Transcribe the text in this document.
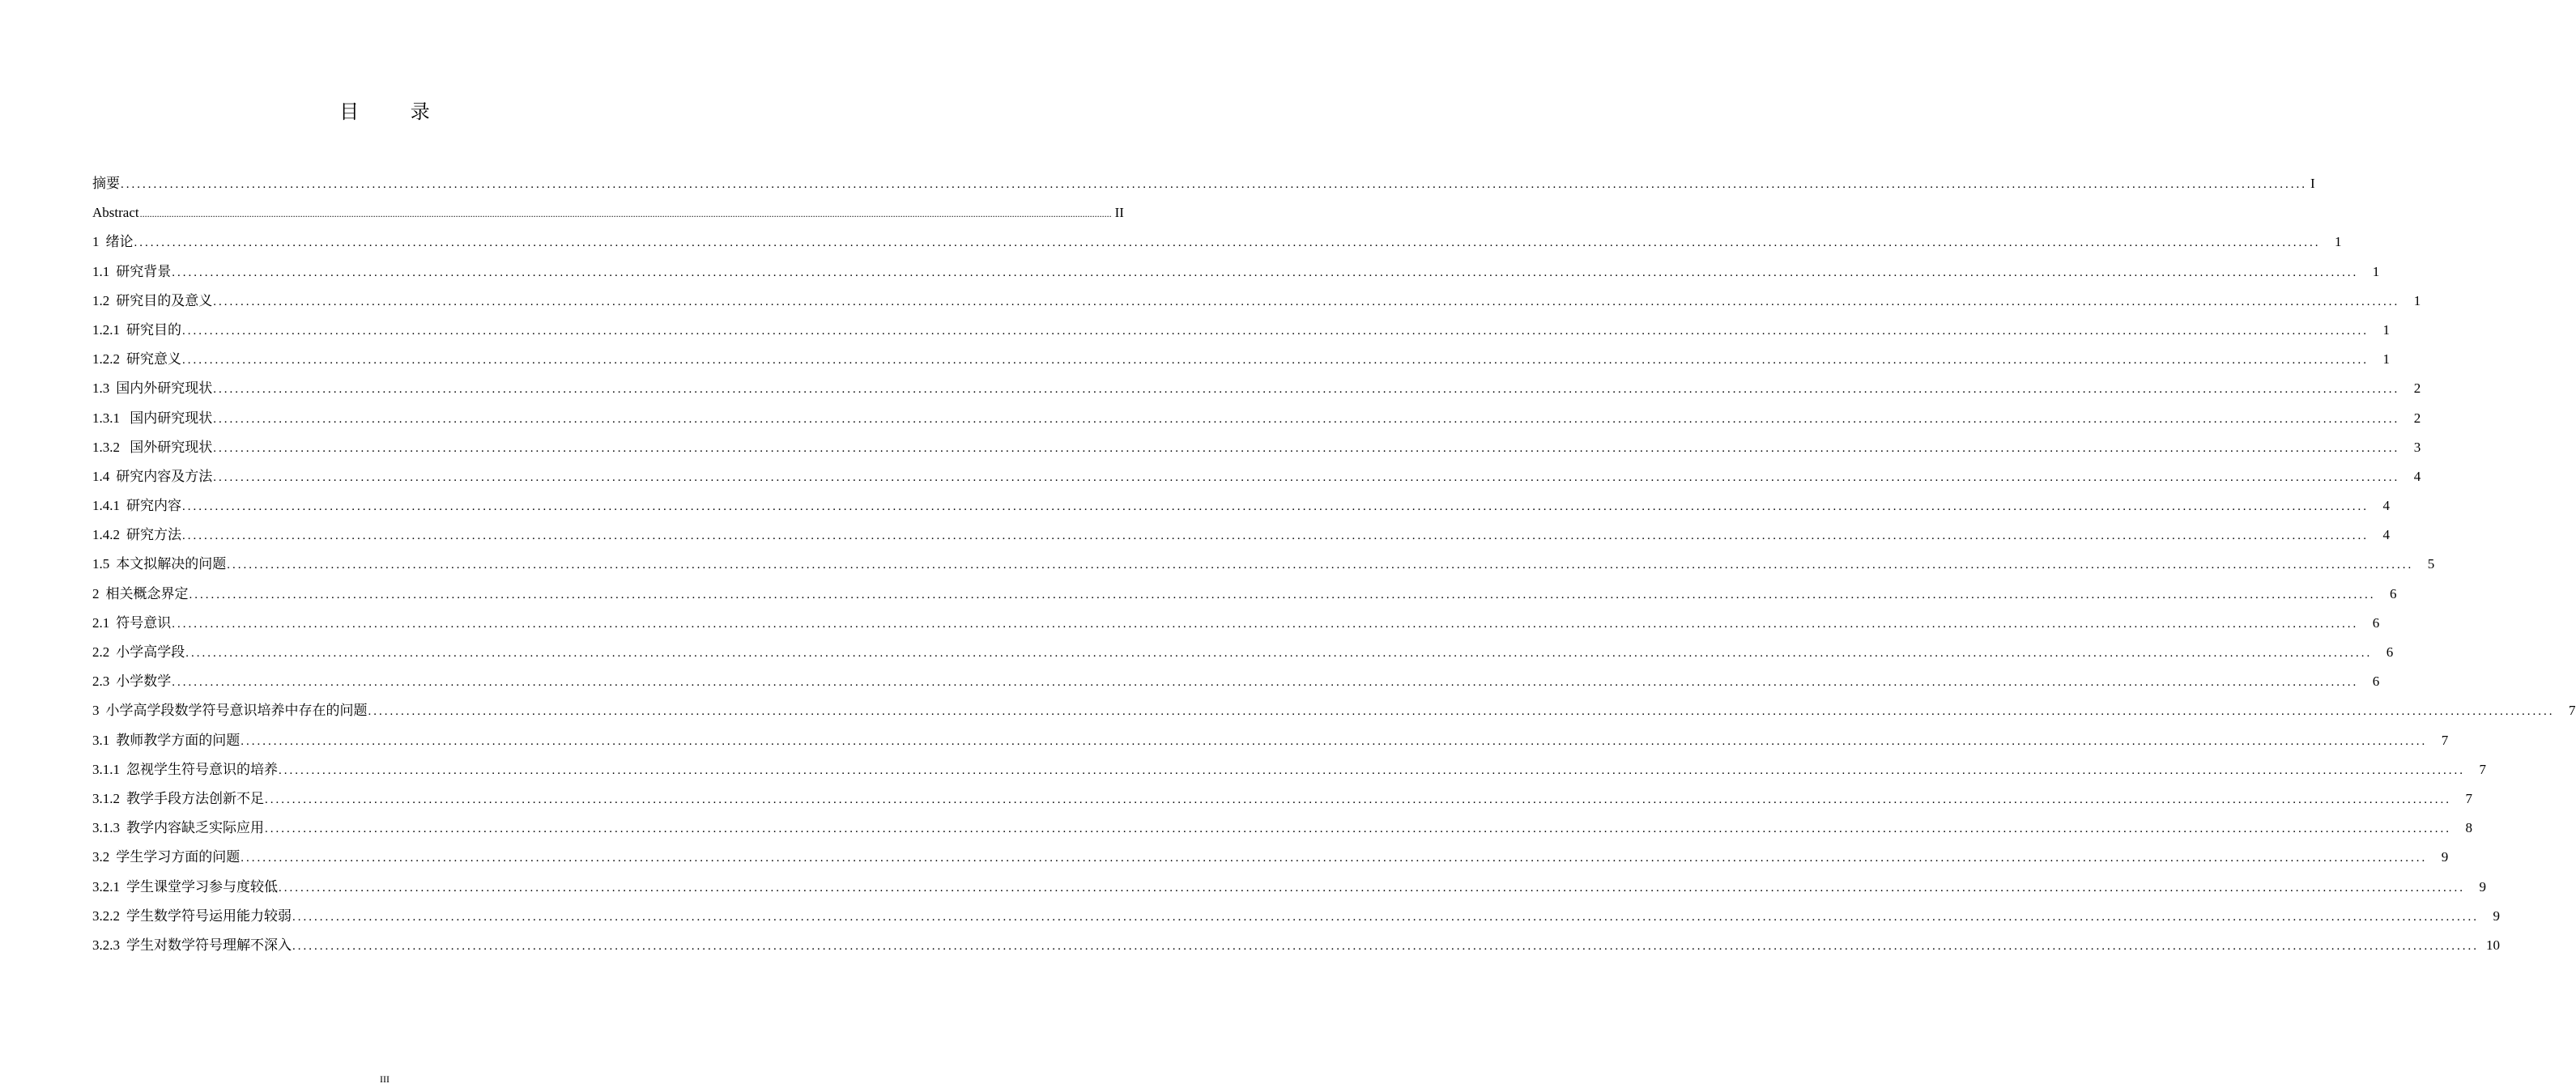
目 录
摘要 ................................................................................................................................................................................................................................................................................................................................................................................................................ I
Abstract ................................................................................................................................................................................................................................................................................................................................................................................................................ II
1 绪论 ................................................................................................................................................................................................................................................................................................................................................................................................................	1
1.1 研究背景 ................................................................................................................................................................................................................................................................................................................................................................................................................	1
1.2 研究目的及意义 ................................................................................................................................................................................................................................................................................................................................................................................................................	1
1.2.1 研究目的 ................................................................................................................................................................................................................................................................................................................................................................................................................	1
1.2.2 研究意义 ................................................................................................................................................................................................................................................................................................................................................................................................................	1
1.3 国内外研究现状 ................................................................................................................................................................................................................................................................................................................................................................................................................	2
1.3.1 国内研究现状 ................................................................................................................................................................................................................................................................................................................................................................................................................	2
1.3.2 国外研究现状 ................................................................................................................................................................................................................................................................................................................................................................................................................	3
1.4 研究内容及方法 ................................................................................................................................................................................................................................................................................................................................................................................................................	4
1.4.1 研究内容 ................................................................................................................................................................................................................................................................................................................................................................................................................	4
1.4.2 研究方法 ................................................................................................................................................................................................................................................................................................................................................................................................................	4
1.5 本文拟解决的问题 ................................................................................................................................................................................................................................................................................................................................................................................................................	5
2 相关概念界定 ................................................................................................................................................................................................................................................................................................................................................................................................................	6
2.1 符号意识 ................................................................................................................................................................................................................................................................................................................................................................................................................	6
2.2 小学高学段 ................................................................................................................................................................................................................................................................................................................................................................................................................	6
2.3 小学数学 ................................................................................................................................................................................................................................................................................................................................................................................................................	6
3 小学高学段数学符号意识培养中存在的问题 ................................................................................................................................................................................................................................................................................................................................................................................................................	7
3.1 教师教学方面的问题 ................................................................................................................................................................................................................................................................................................................................................................................................................	7
3.1.1 忽视学生符号意识的培养 ................................................................................................................................................................................................................................................................................................................................................................................................................	7
3.1.2 教学手段方法创新不足 ................................................................................................................................................................................................................................................................................................................................................................................................................	7
3.1.3 教学内容缺乏实际应用 ................................................................................................................................................................................................................................................................................................................................................................................................................	8
3.2 学生学习方面的问题 ................................................................................................................................................................................................................................................................................................................................................................................................................	9
3.2.1 学生课堂学习参与度较低 ................................................................................................................................................................................................................................................................................................................................................................................................................	9
3.2.2 学生数学符号运用能力较弱 ................................................................................................................................................................................................................................................................................................................................................................................................................	9
3.2.3 学生对数学符号理解不深入 ................................................................................................................................................................................................................................................................................................................................................................................................................ 10
III
